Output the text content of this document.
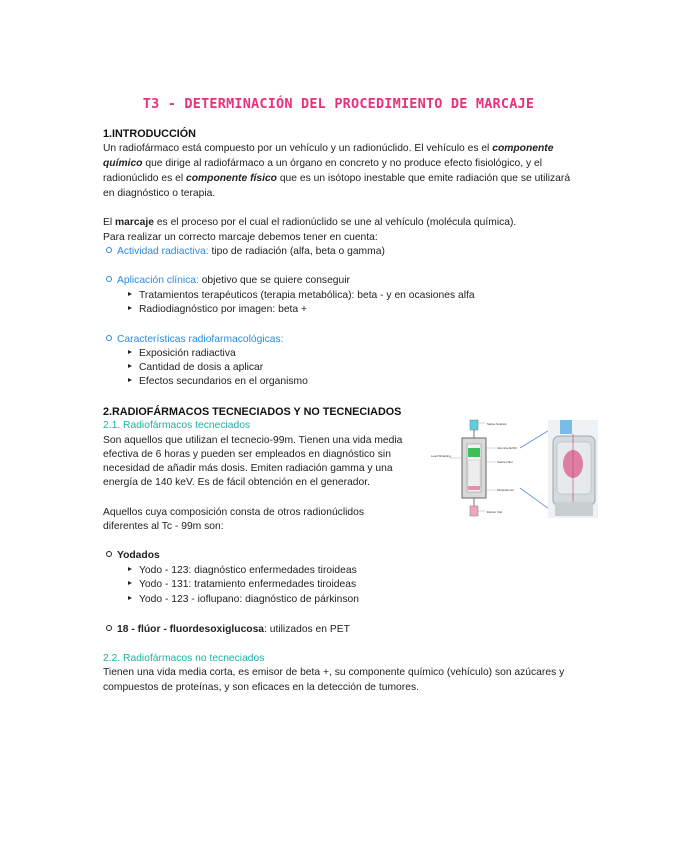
T3 - DETERMINACIÓN DEL PROCEDIMIENTO DE MARCAJE
1.INTRODUCCIÓN
Un radiofármaco está compuesto por un vehículo y un radionúclido. El vehículo es el componente
químico que dirige al radiofármaco a un órgano en concreto y no produce efecto fisiológico, y el
radionúclido es el componente físico que es un isótopo inestable que emite radiación que se utilizará
en diagnóstico o terapia.
El marcaje es el proceso por el cual el radionúclido se une al vehículo (molécula química).
Para realizar un correcto marcaje debemos tener en cuenta:
Actividad radiactiva: tipo de radiación (alfa, beta o gamma)
Aplicación clínica: objetivo que se quiere conseguir
Tratamientos terapéuticos (terapia metabólica): beta - y en ocasiones alfa
Radiodiagnóstico por imagen: beta +
Características radiofarmacológicas:
Exposición radiactiva
Cantidad de dosis a aplicar
Efectos secundarios en el organismo
2.RADIOFÁRMACOS TECNECIADOS Y NO TECNECIADOS
2.1. Radiofármacos tecneciados
Son aquellos que utilizan el tecnecio-99m. Tienen una vida media
efectiva de 6 horas y pueden ser empleados en diagnóstico sin
necesidad de añadir más dosis. Emiten radiación gamma y una
energía de 140 keV. Es de fácil obtención en el generador.
Aquellos cuya composición consta de otros radionúclidos
diferentes al Tc - 99m son:
Yodados
Yodo - 123: diagnóstico enfermedades tiroideas
Yodo - 131: tratamiento enfermedades tiroideas
Yodo - 123 - ioflupano: diagnóstico de párkinson
18 - flúor - fluordesoxiglucosa: utilizados en PET
2.2. Radiofármacos no tecneciados
Tienen una vida media corta, es emisor de beta +, su componente químico (vehículo) son azúcares y
compuestos de proteínas, y son eficaces en la detección de tumores.
Saline Solution
Elution Vial
Sterile Filter
Alumina Al2O3
Molybdenum
Lead Shielding
